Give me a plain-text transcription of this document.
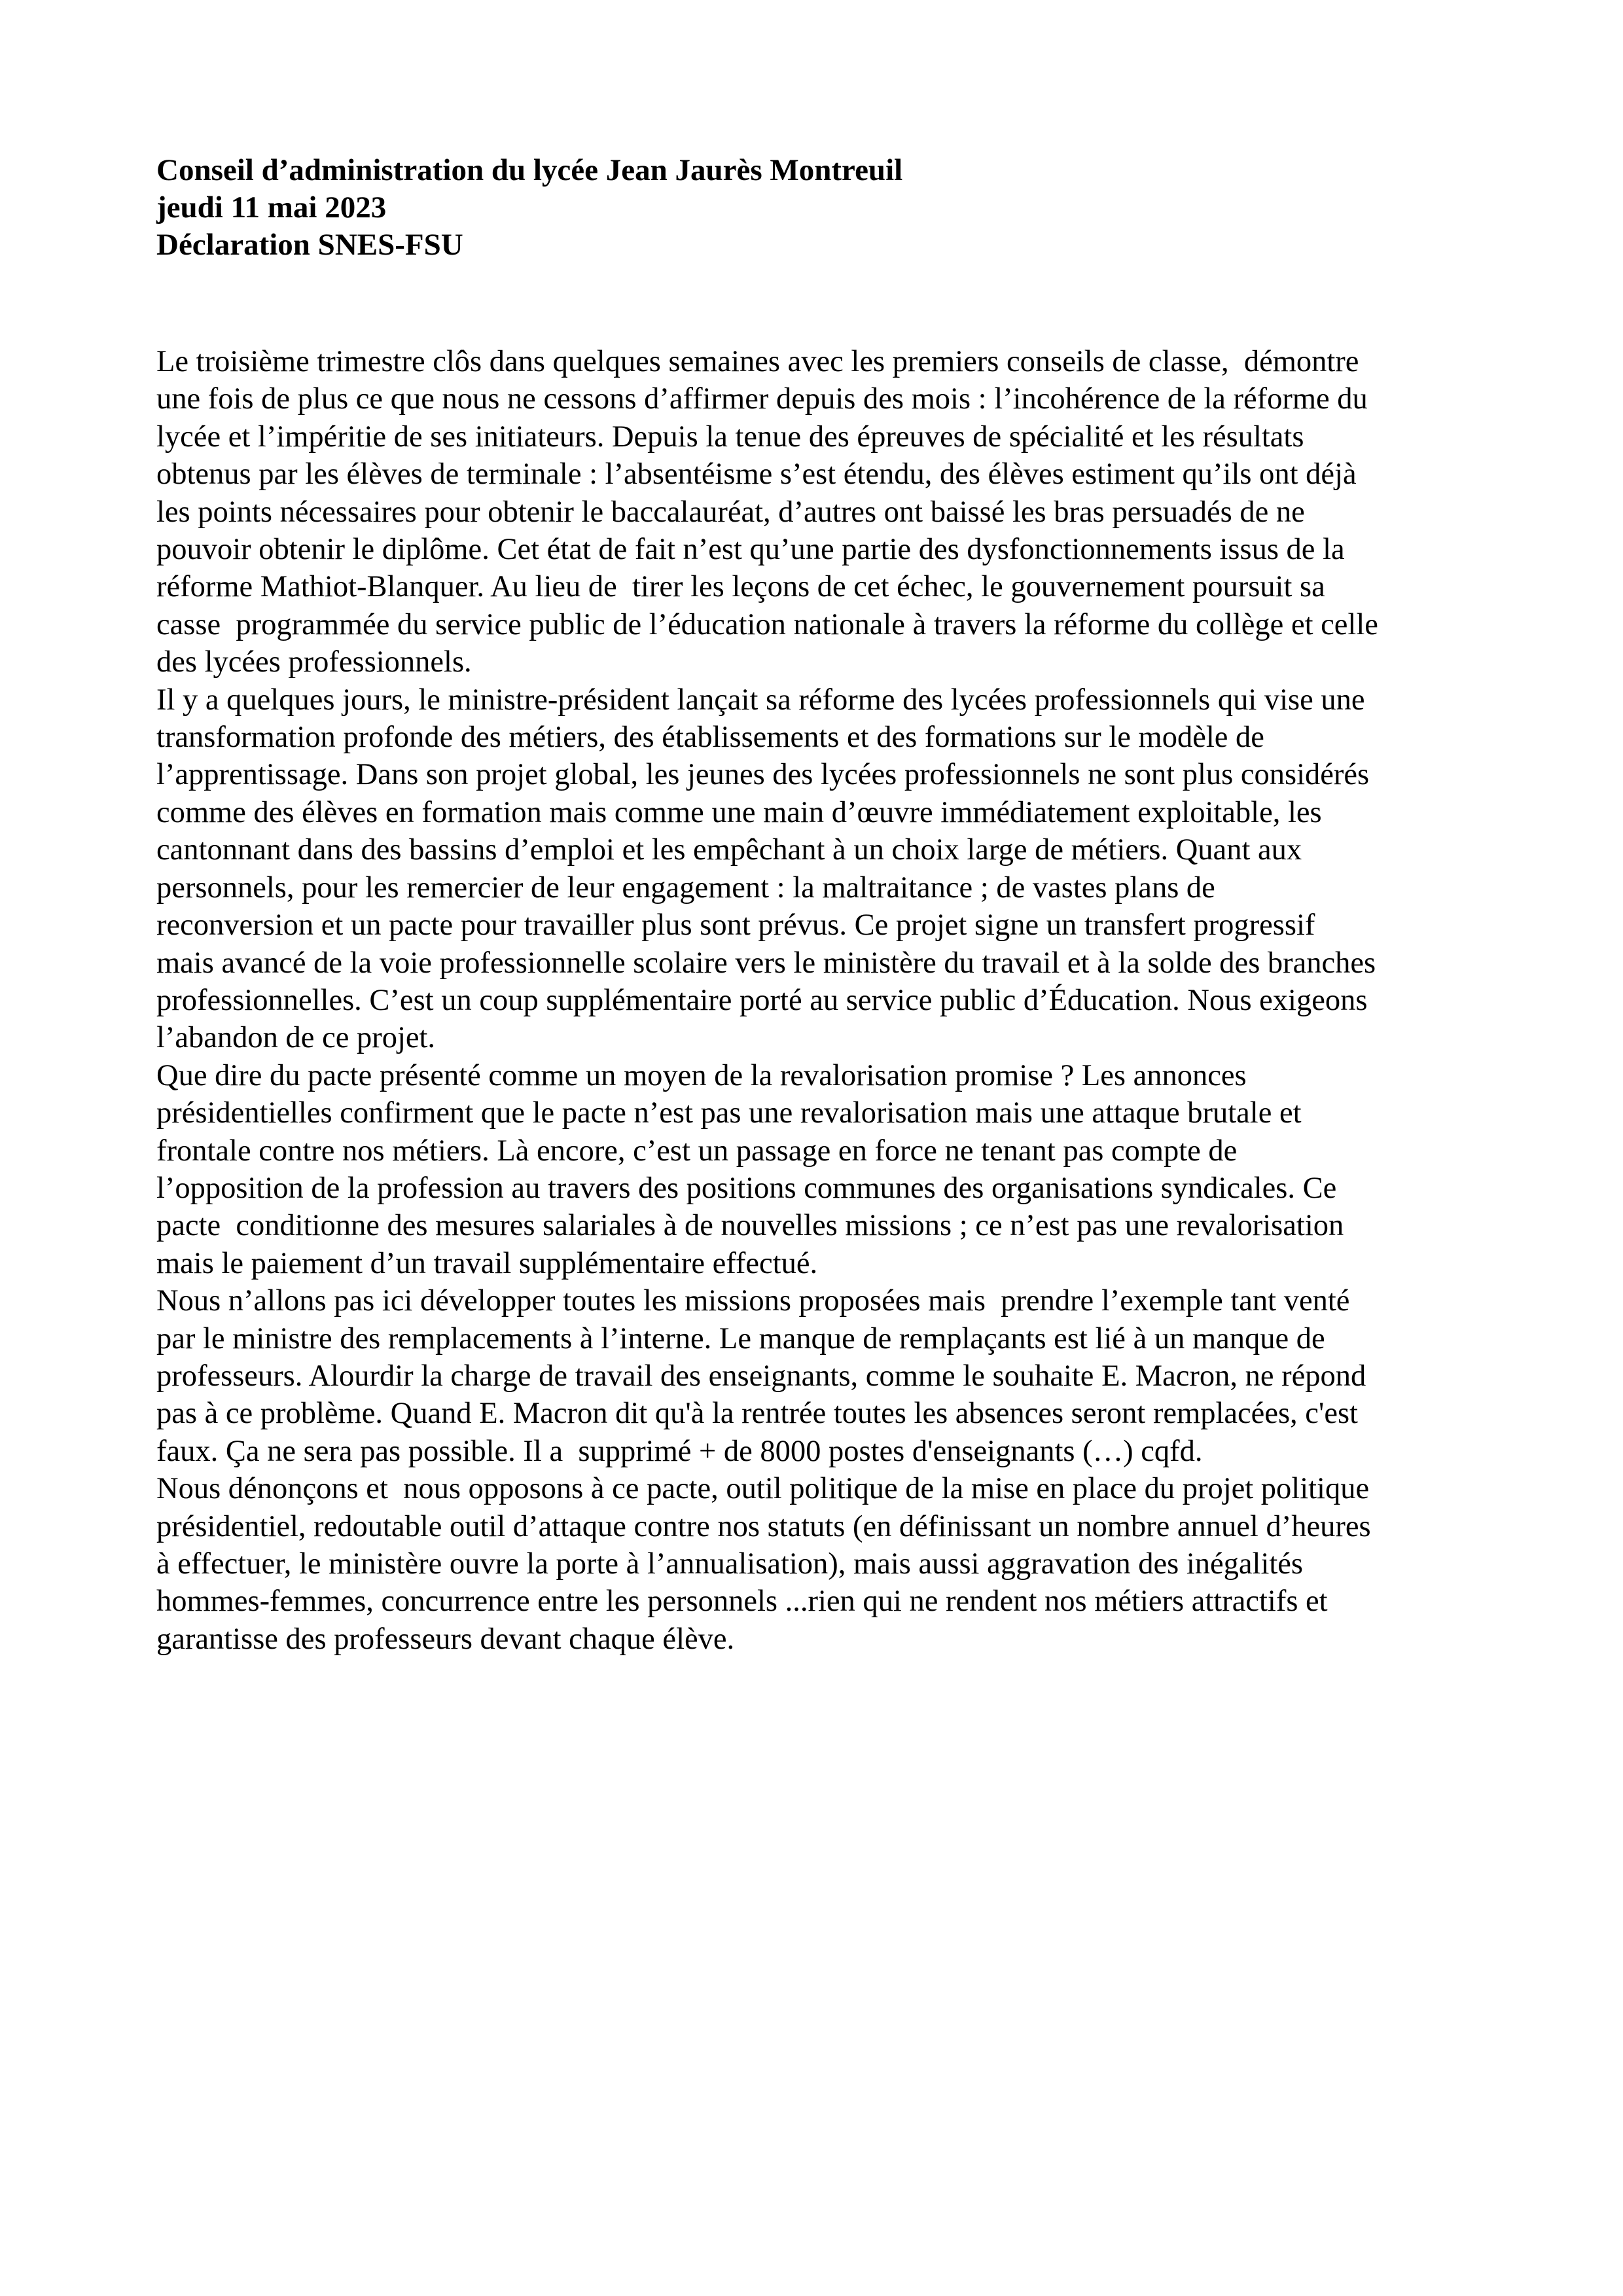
Conseil d’administration du lycée Jean Jaurès Montreuil
jeudi 11 mai 2023
Déclaration SNES-FSU
Le troisième trimestre clôs dans quelques semaines avec les premiers conseils de classe,  démontre
une fois de plus ce que nous ne cessons d’affirmer depuis des mois : l’incohérence de la réforme du
lycée et l’impéritie de ses initiateurs. Depuis la tenue des épreuves de spécialité et les résultats
obtenus par les élèves de terminale : l’absentéisme s’est étendu, des élèves estiment qu’ils ont déjà
les points nécessaires pour obtenir le baccalauréat, d’autres ont baissé les bras persuadés de ne
pouvoir obtenir le diplôme. Cet état de fait n’est qu’une partie des dysfonctionnements issus de la
réforme Mathiot-Blanquer. Au lieu de  tirer les leçons de cet échec, le gouvernement poursuit sa
casse  programmée du service public de l’éducation nationale à travers la réforme du collège et celle
des lycées professionnels.
Il y a quelques jours, le ministre-président lançait sa réforme des lycées professionnels qui vise une
transformation profonde des métiers, des établissements et des formations sur le modèle de
l’apprentissage. Dans son projet global, les jeunes des lycées professionnels ne sont plus considérés
comme des élèves en formation mais comme une main d’œuvre immédiatement exploitable, les
cantonnant dans des bassins d’emploi et les empêchant à un choix large de métiers. Quant aux
personnels, pour les remercier de leur engagement : la maltraitance ; de vastes plans de
reconversion et un pacte pour travailler plus sont prévus. Ce projet signe un transfert progressif
mais avancé de la voie professionnelle scolaire vers le ministère du travail et à la solde des branches
professionnelles. C’est un coup supplémentaire porté au service public d’Éducation. Nous exigeons
l’abandon de ce projet.
Que dire du pacte présenté comme un moyen de la revalorisation promise ? Les annonces
présidentielles confirment que le pacte n’est pas une revalorisation mais une attaque brutale et
frontale contre nos métiers. Là encore, c’est un passage en force ne tenant pas compte de
l’opposition de la profession au travers des positions communes des organisations syndicales. Ce
pacte  conditionne des mesures salariales à de nouvelles missions ; ce n’est pas une revalorisation
mais le paiement d’un travail supplémentaire effectué.
Nous n’allons pas ici développer toutes les missions proposées mais  prendre l’exemple tant venté
par le ministre des remplacements à l’interne. Le manque de remplaçants est lié à un manque de
professeurs. Alourdir la charge de travail des enseignants, comme le souhaite E. Macron, ne répond
pas à ce problème. Quand E. Macron dit qu'à la rentrée toutes les absences seront remplacées, c'est
faux. Ça ne sera pas possible. Il a  supprimé + de 8000 postes d'enseignants (…) cqfd.
Nous dénonçons et  nous opposons à ce pacte, outil politique de la mise en place du projet politique
présidentiel, redoutable outil d’attaque contre nos statuts (en définissant un nombre annuel d’heures
à effectuer, le ministère ouvre la porte à l’annualisation), mais aussi aggravation des inégalités
hommes-femmes, concurrence entre les personnels ...rien qui ne rendent nos métiers attractifs et
garantisse des professeurs devant chaque élève.
